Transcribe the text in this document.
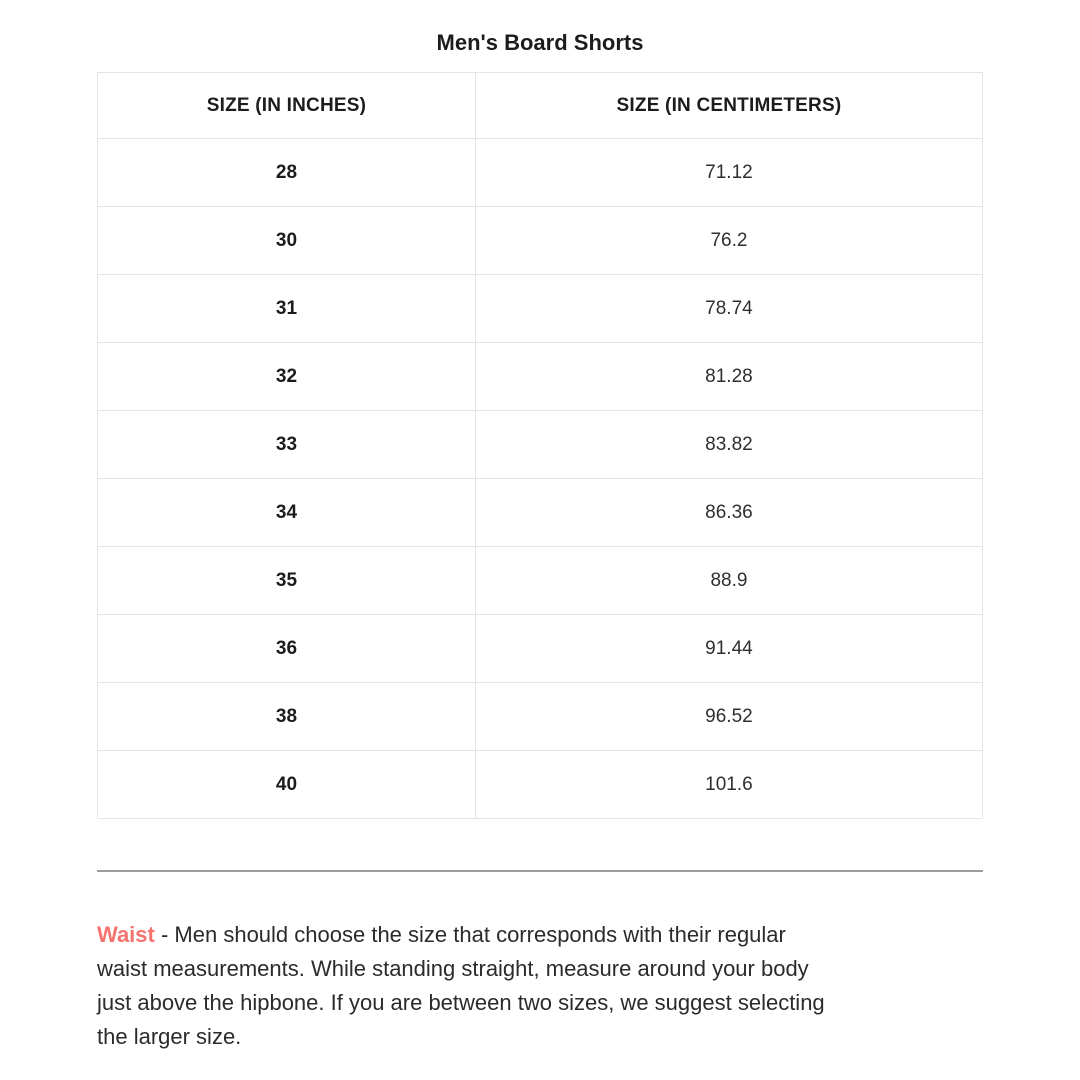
Men's Board Shorts
SIZE (IN INCHES)	SIZE (IN CENTIMETERS)
28	71.12
30	76.2
31	78.74
32	81.28
33	83.82
34	86.36
35	88.9
36	91.44
38	96.52
40	101.6

Waist - Men should choose the size that corresponds with their regular
waist measurements. While standing straight, measure around your body
just above the hipbone. If you are between two sizes, we suggest selecting
the larger size.
